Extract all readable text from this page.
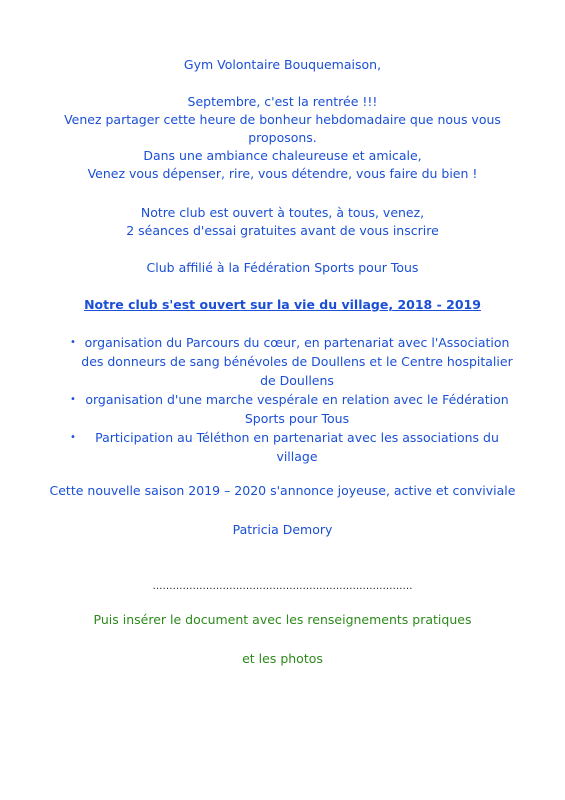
Gym Volontaire Bouquemaison,
Septembre, c'est la rentrée !!!
Venez partager cette heure de bonheur hebdomadaire que nous vous
proposons.
Dans une ambiance chaleureuse et amicale,
Venez vous dépenser, rire, vous détendre, vous faire du bien !
Notre club est ouvert à toutes, à tous, venez,
2 séances d'essai gratuites avant de vous inscrire
Club affilié à la Fédération Sports pour Tous
Notre club s'est ouvert sur la vie du village, 2018 - 2019
• organisation du Parcours du cœur, en partenariat avec l'Association
des donneurs de sang bénévoles de Doullens et le Centre hospitalier
de Doullens
• organisation d'une marche vespérale en relation avec le Fédération
Sports pour Tous
•	Participation au Téléthon en partenariat avec les associations du
village
Cette nouvelle saison 2019 – 2020 s'annonce joyeuse, active et conviviale
Patricia Demory
……………………………………………………………………
Puis insérer le document avec les renseignements pratiques
et les photos
